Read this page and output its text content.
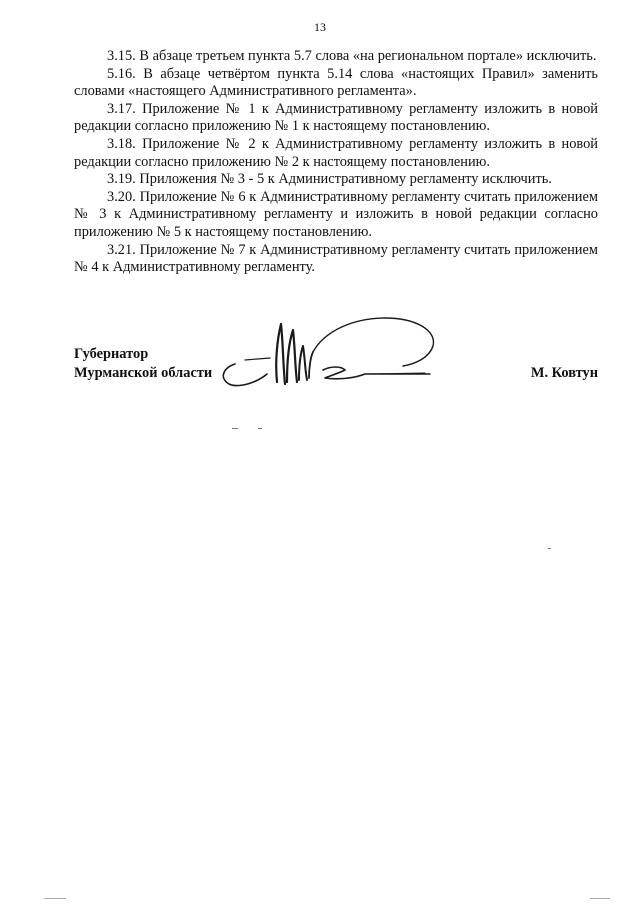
13

3.15. В абзаце третьем пункта 5.7 слова «на региональном портале» исключить.

5.16. В абзаце четвёртом пункта 5.14 слова «настоящих Правил» заменить словами «настоящего Административного регламента».

3.17. Приложение № 1 к Административному регламенту изложить в новой редакции согласно приложению № 1 к настоящему постановлению.

3.18. Приложение № 2 к Административному регламенту изложить в новой редакции согласно приложению № 2 к настоящему постановлению.

3.19. Приложения № 3 - 5 к Административному регламенту исключить.

3.20. Приложение № 6 к Административному регламенту считать приложением № 3 к Административному регламенту и изложить в новой редакции согласно приложению № 5 к настоящему постановлению.

3.21. Приложение № 7 к Административному регламенту считать приложением № 4 к Административному регламенту.

Губернатор
Мурманской области	М. Ковтун
